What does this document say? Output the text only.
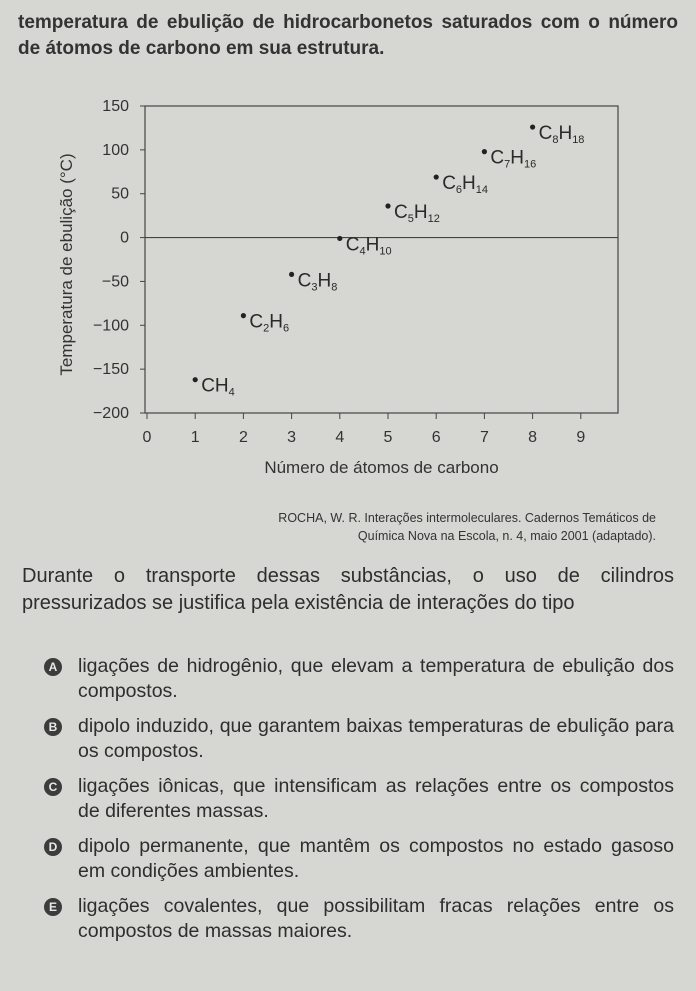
temperatura de ebulição de hidrocarbonetos saturados com o número de átomos de carbono em sua estrutura.
150
100
50
0
−50
−100
−150
−200
0 1 2 3 4 5 6 7 8 9
Número de átomos de carbono
Temperatura de ebulição (°C)
$CH_4$
$C_2H_6$
$C_3H_8$
$C_4H_{10}$
$C_5H_{12}$
$C_6H_{14}$
$C_7H_{16}$
$C_8H_{18}$
ROCHA, W. R. Interações intermoleculares. Cadernos Temáticos de
Química Nova na Escola, n. 4, maio 2001 (adaptado).
Durante o transporte dessas substâncias, o uso de cilindros pressurizados se justifica pela existência de interações do tipo
A ligações de hidrogênio, que elevam a temperatura de ebulição dos compostos.
B dipolo induzido, que garantem baixas temperaturas de ebulição para os compostos.
C ligações iônicas, que intensificam as relações entre os compostos de diferentes massas.
D dipolo permanente, que mantêm os compostos no estado gasoso em condições ambientes.
E ligações covalentes, que possibilitam fracas relações entre os compostos de massas maiores.
